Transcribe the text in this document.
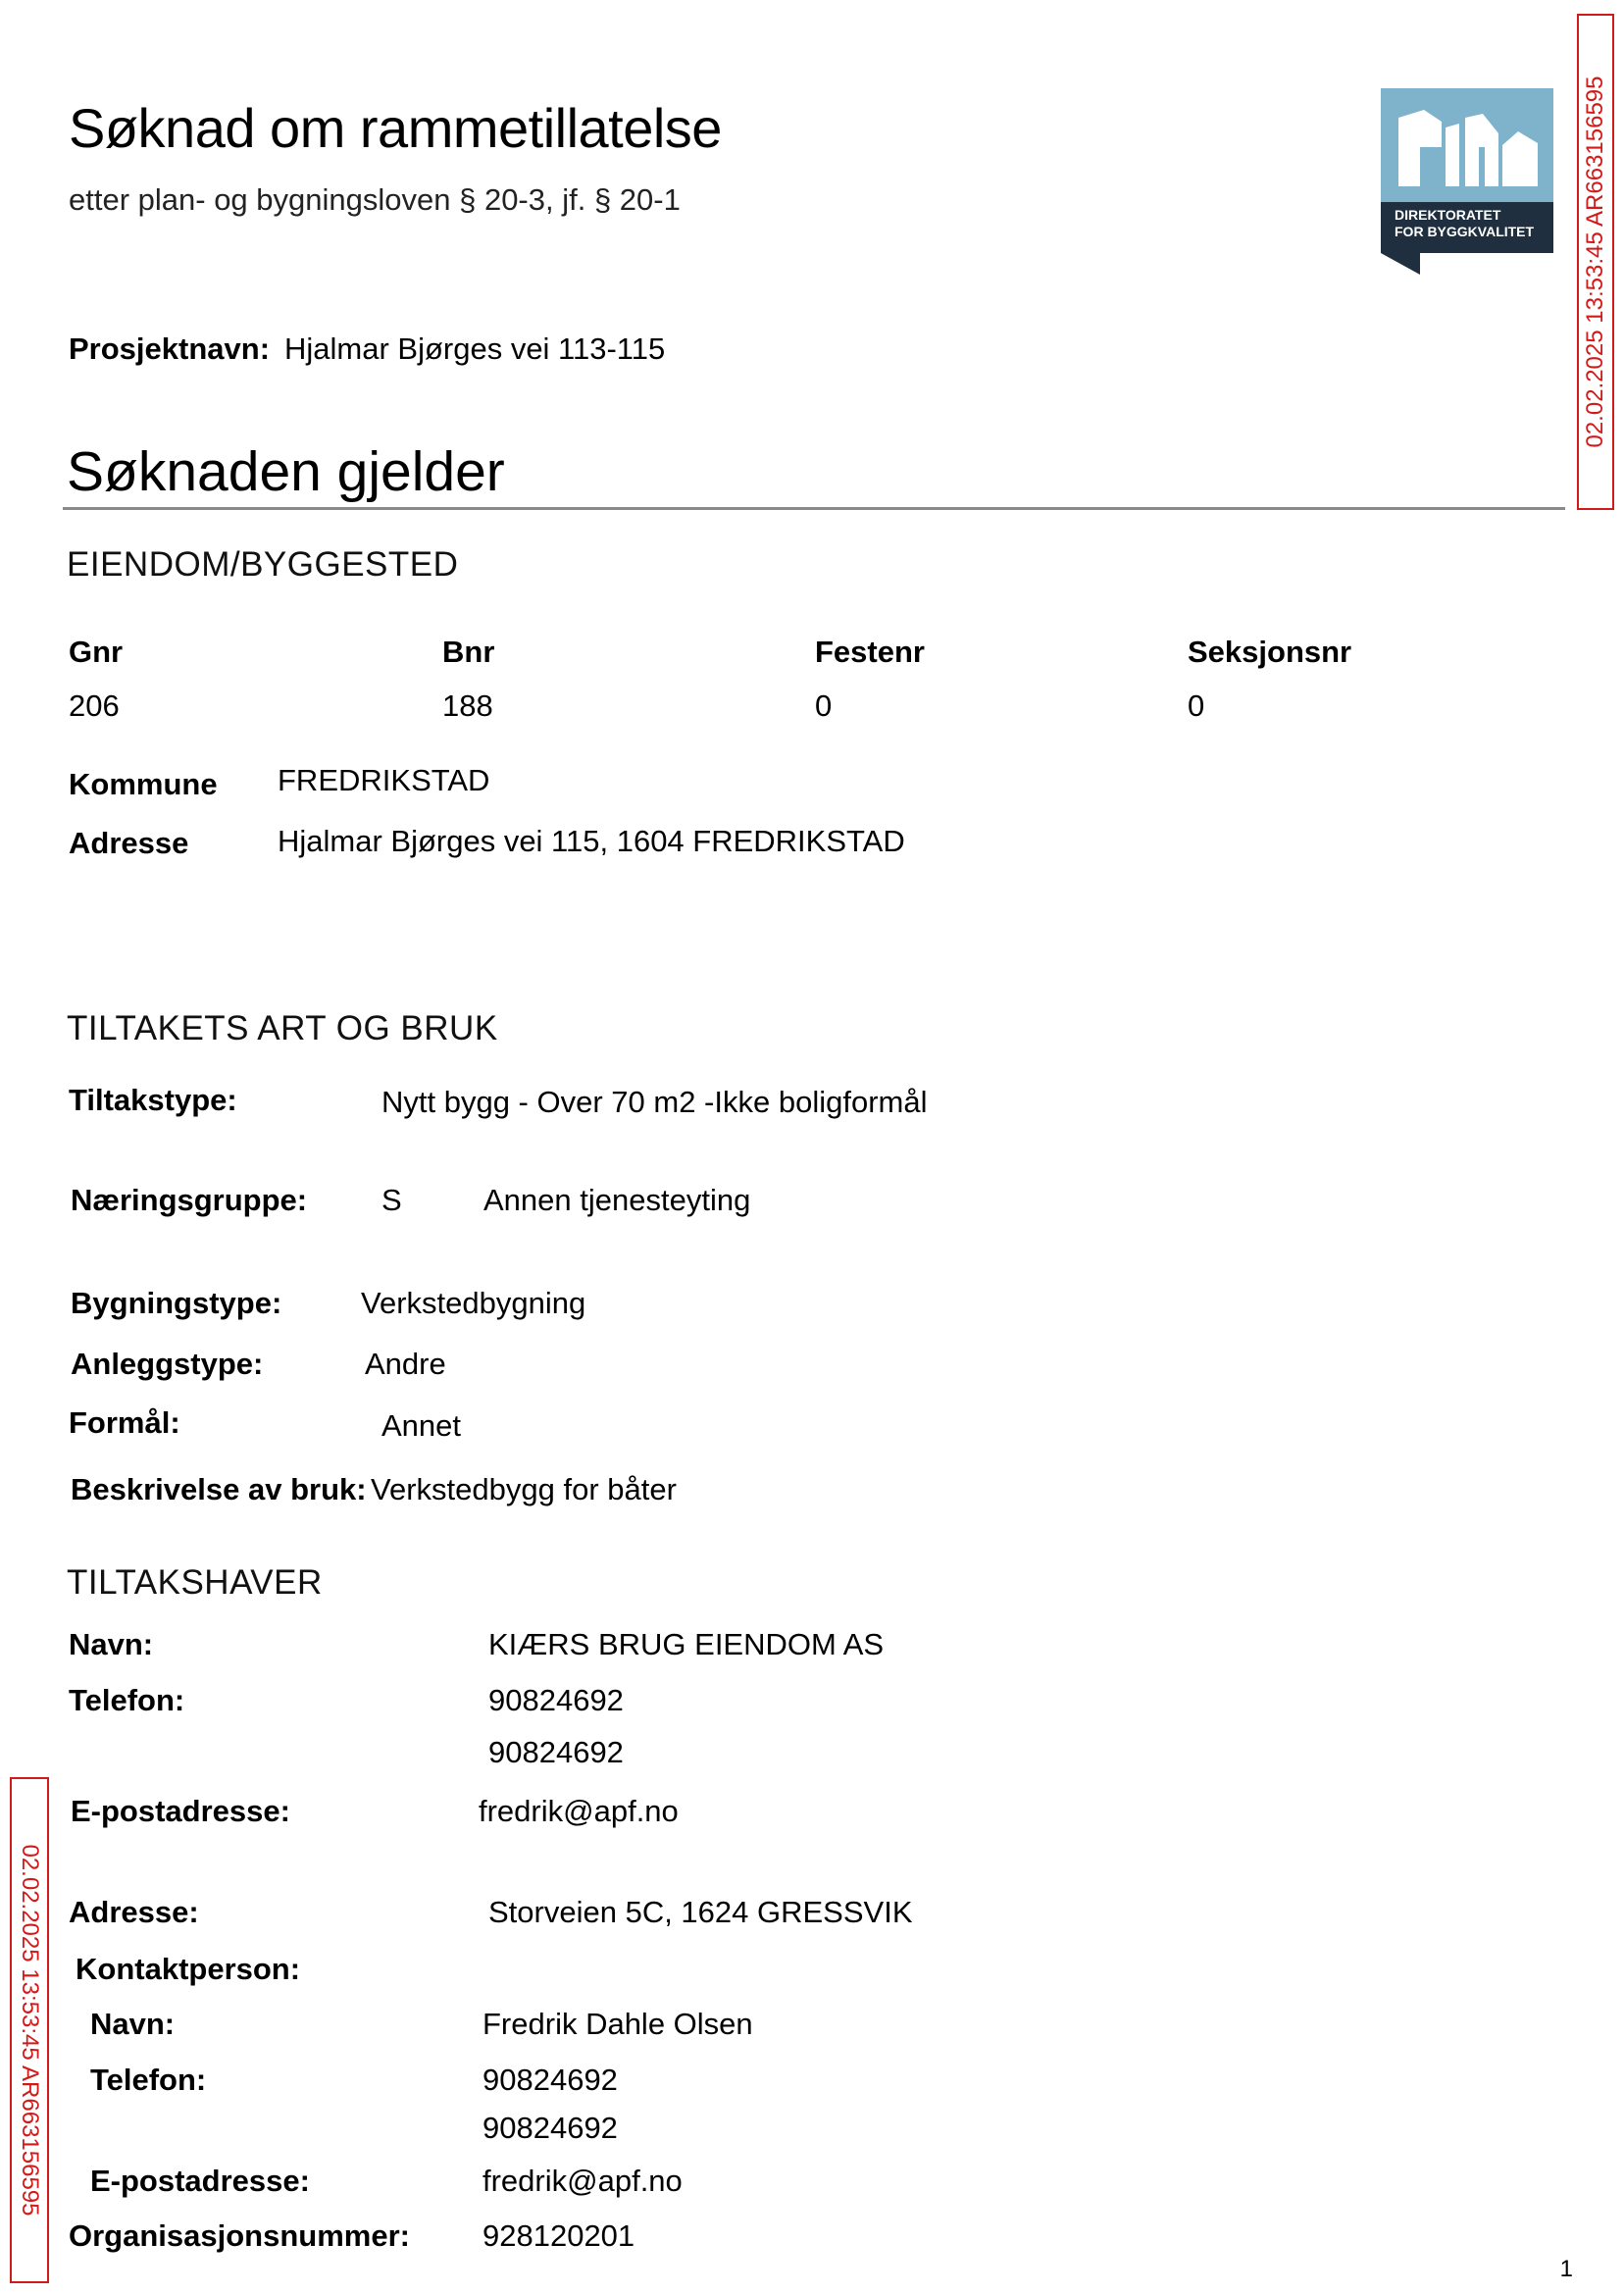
Søknad om rammetillatelse
etter plan- og bygningsloven § 20-3, jf. § 20-1	DIREKTORATET
FOR BYGGKVALITET
Prosjektnavn: Hjalmar Bjørges vei 113-115
Søknaden gjelder
EIENDOM/BYGGESTED
Gnr	Bnr	Festenr	Seksjonsnr
206	188	0	0
Kommune FREDRIKSTAD
Adresse	Hjalmar Bjørges vei 115, 1604 FREDRIKSTAD
TILTAKETS ART OG BRUK
Tiltakstype:	Nytt bygg - Over 70 m2 -Ikke boligformål
Næringsgruppe: S	Annen tjenesteyting
Bygningstype:	Verkstedbygning
Anleggstype:	Andre
Formål:	Annet
Beskrivelse av bruk: Verkstedbygg for båter
TILTAKSHAVER
Navn:	KIÆRS BRUG EIENDOM AS
Telefon:	90824692
90824692
E-postadresse:	fredrik@apf.no
Adresse:	Storveien 5C, 1624 GRESSVIK
Kontaktperson:
Navn:	Fredrik Dahle Olsen
Telefon:	90824692
90824692
E-postadresse:	fredrik@apf.no
Organisasjonsnummer: 928120201
02.02.2025 13:53:45 AR663156595
02.02.2025 13:53:45 AR663156595
1
